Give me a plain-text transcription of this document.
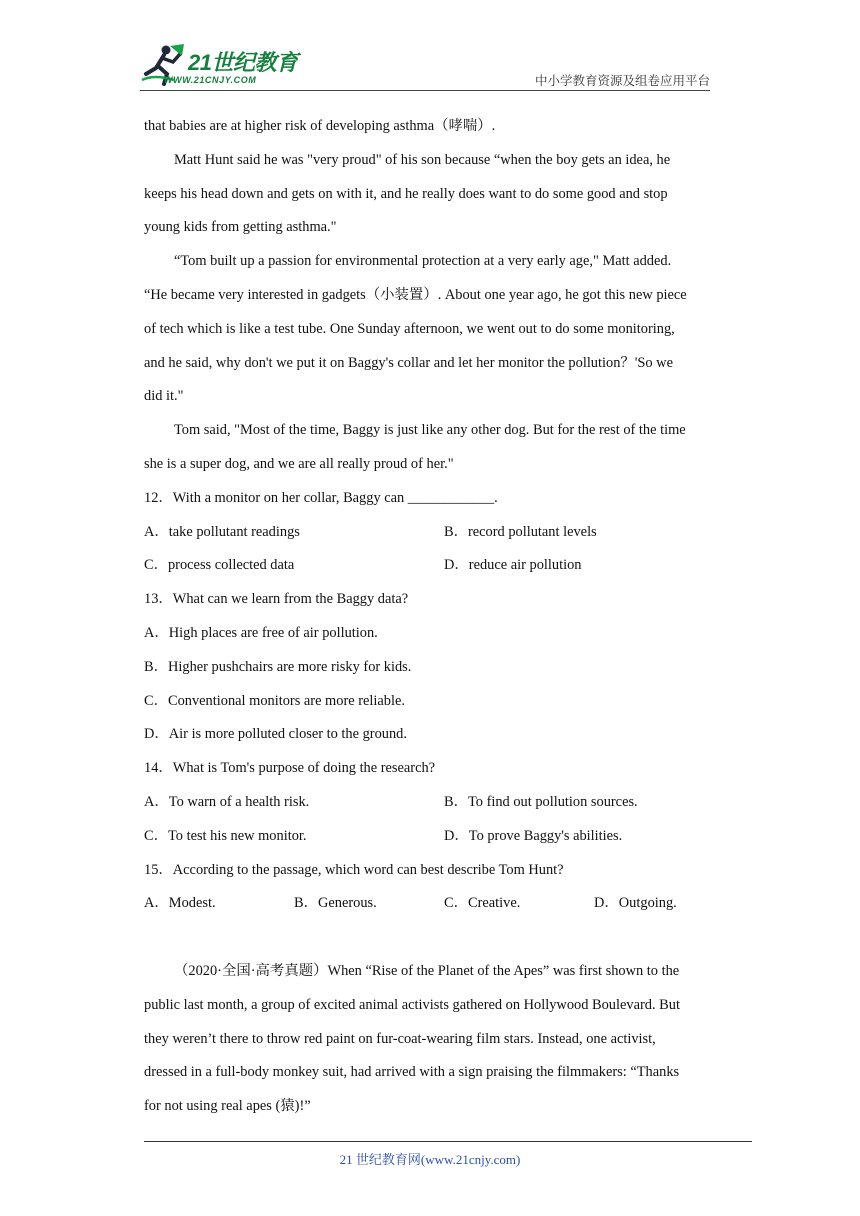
21世纪教育
WWW.21CNJY.COM	中小学教育资源及组卷应用平台
that babies are at higher risk of developing asthma（哮喘）.
Matt Hunt said he was "very proud" of his son because “when the boy gets an idea, he
keeps his head down and gets on with it, and he really does want to do some good and stop
young kids from getting asthma."
“Tom built up a passion for environmental protection at a very early age," Matt added.
“He became very interested in gadgets（小装置）. About one year ago, he got this new piece
of tech which is like a test tube. One Sunday afternoon, we went out to do some monitoring,
and he said, why don't we put it on Baggy's collar and let her monitor the pollution？'So we
did it."
Tom said, "Most of the time, Baggy is just like any other dog. But for the rest of the time
she is a super dog, and we are all really proud of her."
12．With a monitor on her collar, Baggy can ____________.
A．take pollutant readings	B．record pollutant levels
C．process collected data	D．reduce air pollution
13．What can we learn from the Baggy data?
A．High places are free of air pollution.
B．Higher pushchairs are more risky for kids.
C．Conventional monitors are more reliable.
D．Air is more polluted closer to the ground.
14．What is Tom's purpose of doing the research?
A．To warn of a health risk.	B．To find out pollution sources.
C．To test his new monitor.	D．To prove Baggy's abilities.
15．According to the passage, which word can best describe Tom Hunt?
A．Modest.	B．Generous.	C．Creative.	D．Outgoing.
（2020·全国·高考真题）When “Rise of the Planet of the Apes” was first shown to the
public last month, a group of excited animal activists gathered on Hollywood Boulevard. But
they weren’t there to throw red paint on fur-coat-wearing film stars. Instead, one activist,
dressed in a full-body monkey suit, had arrived with a sign praising the filmmakers: “Thanks
for not using real apes (猿)!”
21 世纪教育网(www.21cnjy.com)
